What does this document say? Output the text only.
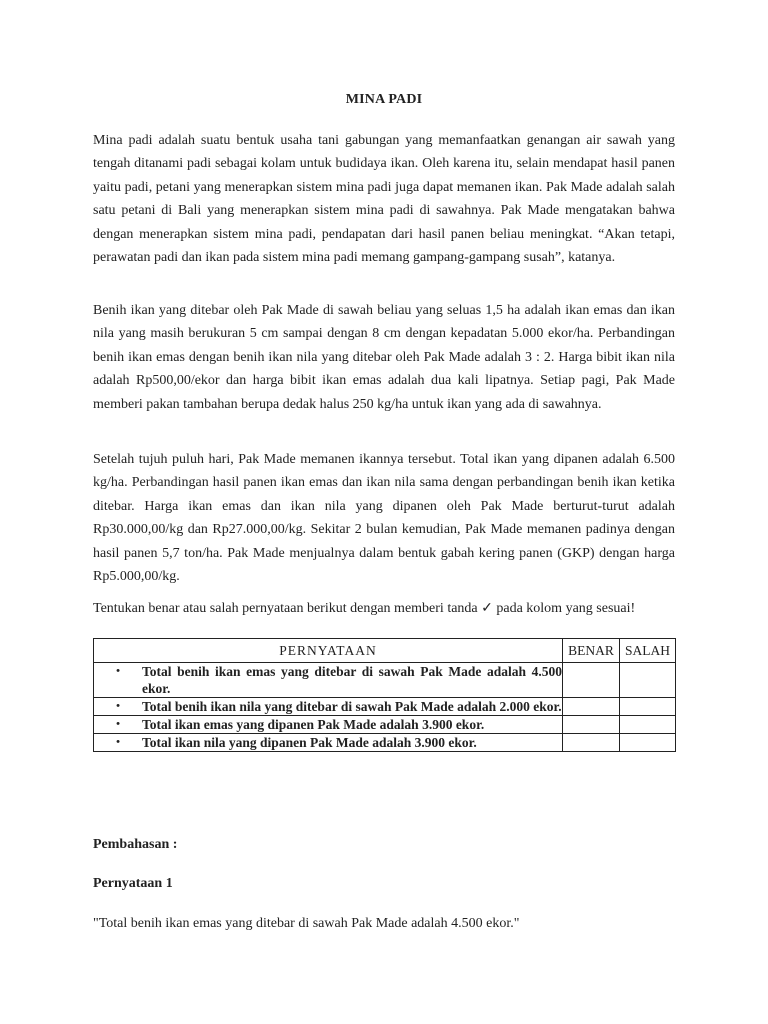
MINA PADI

Mina padi adalah suatu bentuk usaha tani gabungan yang memanfaatkan genangan air sawah yang tengah ditanami padi sebagai kolam untuk budidaya ikan. Oleh karena itu, selain mendapat hasil panen yaitu padi, petani yang menerapkan sistem mina padi juga dapat memanen ikan. Pak Made adalah salah satu petani di Bali yang menerapkan sistem mina padi di sawahnya. Pak Made mengatakan bahwa dengan menerapkan sistem mina padi, pendapatan dari hasil panen beliau meningkat. “Akan tetapi, perawatan padi dan ikan pada sistem mina padi memang gampang-gampang susah”, katanya.

Benih ikan yang ditebar oleh Pak Made di sawah beliau yang seluas 1,5 ha adalah ikan emas dan ikan nila yang masih berukuran 5 cm sampai dengan 8 cm dengan kepadatan 5.000 ekor/ha. Perbandingan benih ikan emas dengan benih ikan nila yang ditebar oleh Pak Made adalah 3 : 2. Harga bibit ikan nila adalah Rp500,00/ekor dan harga bibit ikan emas adalah dua kali lipatnya. Setiap pagi, Pak Made memberi pakan tambahan berupa dedak halus 250 kg/ha untuk ikan yang ada di sawahnya.

Setelah tujuh puluh hari, Pak Made memanen ikannya tersebut. Total ikan yang dipanen adalah 6.500 kg/ha. Perbandingan hasil panen ikan emas dan ikan nila sama dengan perbandingan benih ikan ketika ditebar. Harga ikan emas dan ikan nila yang dipanen oleh Pak Made berturut-turut adalah Rp30.000,00/kg dan Rp27.000,00/kg. Sekitar 2 bulan kemudian, Pak Made memanen padinya dengan hasil panen 5,7 ton/ha. Pak Made menjualnya dalam bentuk gabah kering panen (GKP) dengan harga Rp5.000,00/kg.

Tentukan benar atau salah pernyataan berikut dengan memberi tanda ✓ pada kolom yang sesuai!

PERNYATAAN	BENAR	SALAH

• Total benih ikan emas yang ditebar di sawah Pak Made adalah 4.500 ekor.		

• Total benih ikan nila yang ditebar di sawah Pak Made adalah 2.000 ekor.		

• Total ikan emas yang dipanen Pak Made adalah 3.900 ekor.		

• Total ikan nila yang dipanen Pak Made adalah 3.900 ekor.		

Pembahasan :

Pernyataan 1

"Total benih ikan emas yang ditebar di sawah Pak Made adalah 4.500 ekor."
